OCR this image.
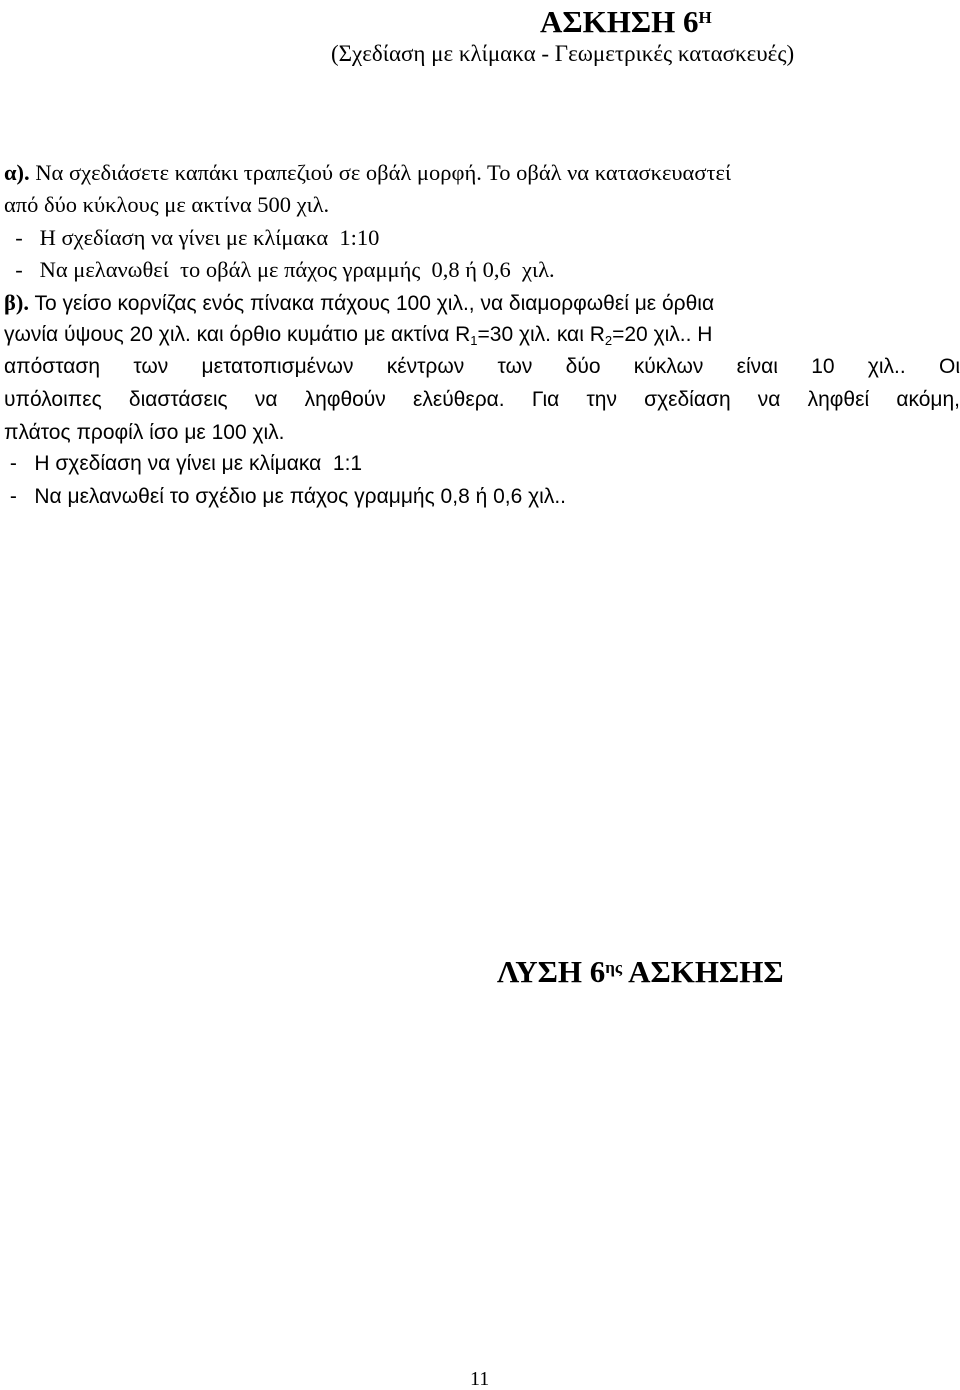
ΑΣΚΗΣΗ $6^H$
(Σχεδίαση με κλίμακα - Γεωμετρικές κατασκευές)
α). Να σχεδιάσετε καπάκι τραπεζιού σε οβάλ μορφή. Το οβάλ να κατασκευαστεί
από δύο κύκλους με ακτίνα 500 χιλ.
-   Η σχεδίαση να γίνει με κλίμακα  1:10
-   Να μελανωθεί  το οβάλ με πάχος γραμμής  0,8 ή 0,6  χιλ.
β). Το γείσο κορνίζας ενός πίνακα πάχους 100 χιλ., να διαμορφωθεί με όρθια
γωνία ύψους 20 χιλ. και όρθιο κυμάτιο με ακτίνα $R_1=30$ χιλ. και $R_2=20$ χιλ.. Η
απόσταση των μετατοπισμένων κέντρων των δύο κύκλων είναι 10 χιλ.. Οι
υπόλοιπες διαστάσεις να ληφθούν ελεύθερα. Για την σχεδίαση να ληφθεί ακόμη,
πλάτος προφίλ ίσο με 100 χιλ.
-   Η σχεδίαση να γίνει με κλίμακα  1:1
-   Να μελανωθεί το σχέδιο με πάχος γραμμής 0,8 ή 0,6 χιλ..
ΛΥΣΗ $6^{\eta\varsigma}$ ΑΣΚΗΣΗΣ
11
